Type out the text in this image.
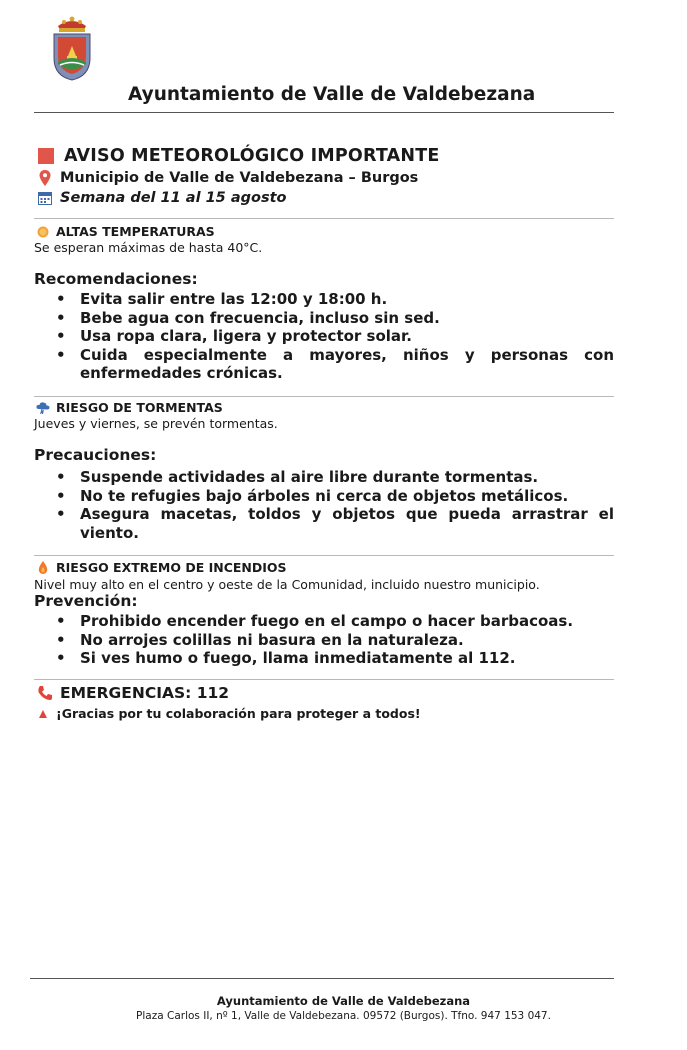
Ayuntamiento de Valle de Valdebezana
AVISO METEOROLÓGICO IMPORTANTE
Municipio de Valle de Valdebezana – Burgos
Semana del 11 al 15 agosto
ALTAS TEMPERATURAS
Se esperan máximas de hasta 40°C.
Recomendaciones:
• Evita salir entre las 12:00 y 18:00 h.
• Bebe agua con frecuencia, incluso sin sed.
• Usa ropa clara, ligera y protector solar.
• Cuida especialmente a mayores, niños y personas con enfermedades crónicas.
RIESGO DE TORMENTAS
Jueves y viernes, se prevén tormentas.
Precauciones:
• Suspende actividades al aire libre durante tormentas.
• No te refugies bajo árboles ni cerca de objetos metálicos.
• Asegura macetas, toldos y objetos que pueda arrastrar el viento.
RIESGO EXTREMO DE INCENDIOS
Nivel muy alto en el centro y oeste de la Comunidad, incluido nuestro municipio.
Prevención:
• Prohibido encender fuego en el campo o hacer barbacoas.
• No arrojes colillas ni basura en la naturaleza.
• Si ves humo o fuego, llama inmediatamente al 112.
EMERGENCIAS: 112
¡Gracias por tu colaboración para proteger a todos!
Ayuntamiento de Valle de Valdebezana
Plaza Carlos II, nº 1, Valle de Valdebezana. 09572 (Burgos). Tfno. 947 153 047.
